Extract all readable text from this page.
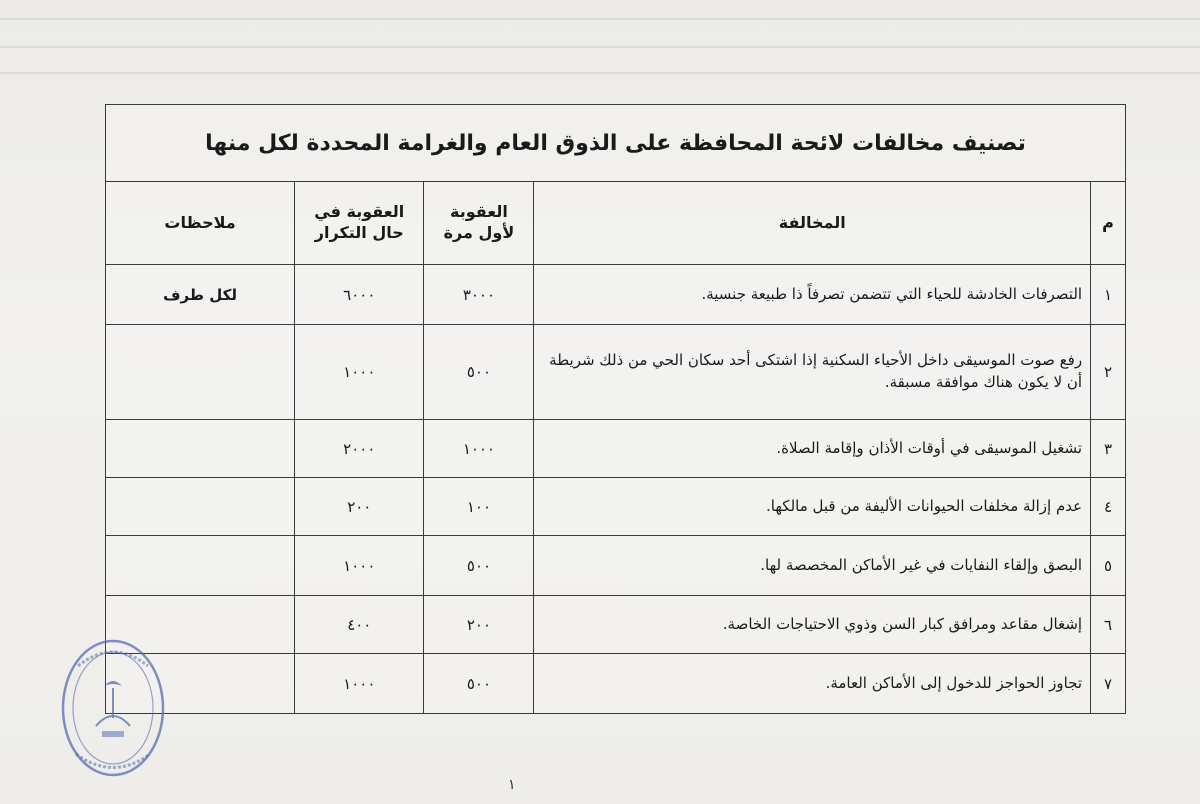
تصنيف مخالفات لائحة المحافظة على الذوق العام والغرامة المحددة لكل منها				
م	المخالفة	العقوبة لأول مرة	العقوبة في حال التكرار	ملاحظات
١	التصرفات الخادشة للحياء التي تتضمن تصرفاً ذا طبيعة جنسية.	٣٠٠٠	٦٠٠٠	لكل طرف
٢	رفع صوت الموسيقى داخل الأحياء السكنية إذا اشتكى أحد سكان الحي من ذلك شريطة أن لا يكون هناك موافقة مسبقة.	٥٠٠	١٠٠٠	
٣	تشغيل الموسيقى في أوقات الأذان وإقامة الصلاة.	١٠٠٠	٢٠٠٠	
٤	عدم إزالة مخلفات الحيوانات الأليفة من قبل مالكها.	١٠٠	٢٠٠	
٥	البصق وإلقاء النفايات في غير الأماكن المخصصة لها.	٥٠٠	١٠٠٠	
٦	إشغال مقاعد ومرافق كبار السن وذوي الاحتياجات الخاصة.	٢٠٠	٤٠٠	
٧	تجاوز الحواجز للدخول إلى الأماكن العامة.	٥٠٠	١٠٠٠	
١
